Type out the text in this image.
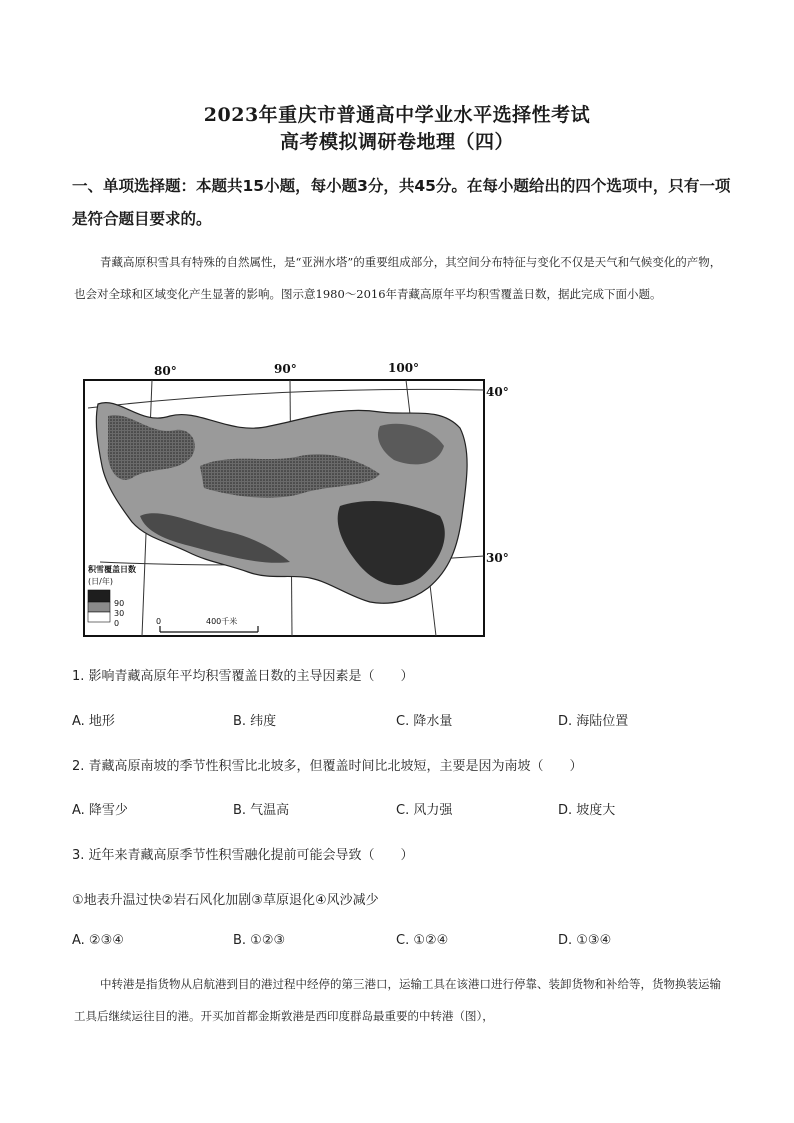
2023年重庆市普通高中学业水平选择性考试
高考模拟调研卷地理（四）
一、单项选择题：本题共15小题，每小题3分，共45分。在每小题给出的四个选项中，只有一项是符合题目要求的。
青藏高原积雪具有特殊的自然属性，是“亚洲水塔”的重要组成部分，其空间分布特征与变化不仅是天气和气候变化的产物，也会对全球和区域变化产生显著的影响。图示意1980～2016年青藏高原年平均积雪覆盖日数，据此完成下面小题。
80°	90°	100°
40°
30°
积雪覆盖日数
(日/年)
90
30
0	0	400千米
1. 影响青藏高原年平均积雪覆盖日数的主导因素是（　　）
A. 地形	B. 纬度	C. 降水量	D. 海陆位置
2. 青藏高原南坡的季节性积雪比北坡多，但覆盖时间比北坡短，主要是因为南坡（　　）
A. 降雪少	B. 气温高	C. 风力强	D. 坡度大
3. 近年来青藏高原季节性积雪融化提前可能会导致（　　）
①地表升温过快②岩石风化加剧③草原退化④风沙减少
A. ②③④	B. ①②③	C. ①②④	D. ①③④
中转港是指货物从启航港到目的港过程中经停的第三港口，运输工具在该港口进行停靠、装卸货物和补给等，货物换装运输工具后继续运往目的港。开买加首都金斯敦港是西印度群岛最重要的中转港（图），
